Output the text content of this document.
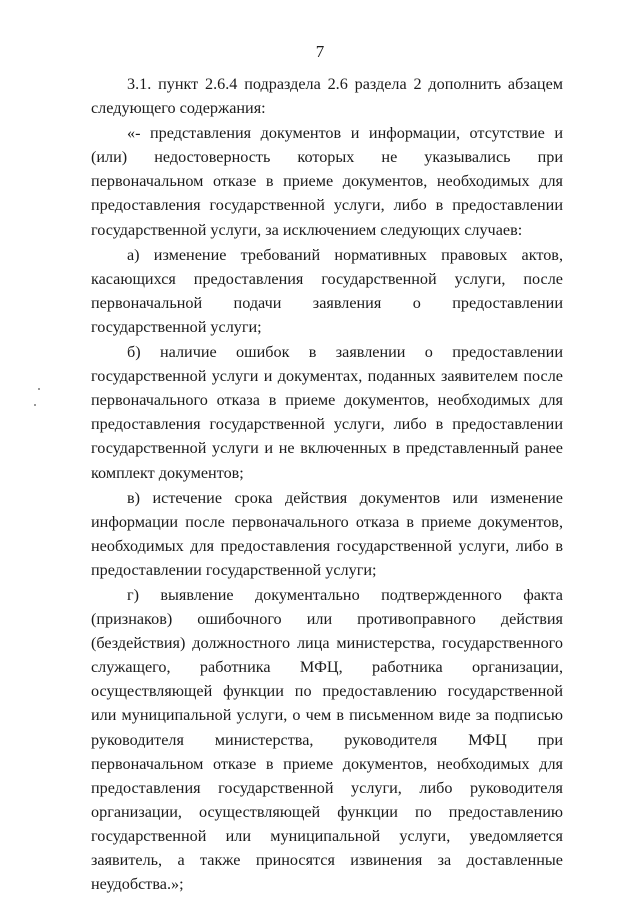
7

3.1. пункт 2.6.4 подраздела 2.6 раздела 2 дополнить абзацем следующего содержания:

«- представления документов и информации, отсутствие и (или) недостоверность которых не указывались при первоначальном отказе в приеме документов, необходимых для предоставления государственной услуги, либо в предоставлении государственной услуги, за исключением следующих случаев:

а) изменение требований нормативных правовых актов, касающихся предоставления государственной услуги, после первоначальной подачи заявления о предоставлении государственной услуги;

б) наличие ошибок в заявлении о предоставлении государственной услуги и документах, поданных заявителем после первоначального отказа в приеме документов, необходимых для предоставления государственной услуги, либо в предоставлении государственной услуги и не включенных в представленный ранее комплект документов;

в) истечение срока действия документов или изменение информации после первоначального отказа в приеме документов, необходимых для предоставления государственной услуги, либо в предоставлении государственной услуги;

г) выявление документально подтвержденного факта (признаков) ошибочного или противоправного действия (бездействия) должностного лица министерства, государственного служащего, работника МФЦ, работника организации, осуществляющей функции по предоставлению государственной или муниципальной услуги, о чем в письменном виде за подписью руководителя министерства, руководителя МФЦ при первоначальном отказе в приеме документов, необходимых для предоставления государственной услуги, либо руководителя организации, осуществляющей функции по предоставлению государственной или муниципальной услуги, уведомляется заявитель, а также приносятся извинения за доставленные неудобства.»;
